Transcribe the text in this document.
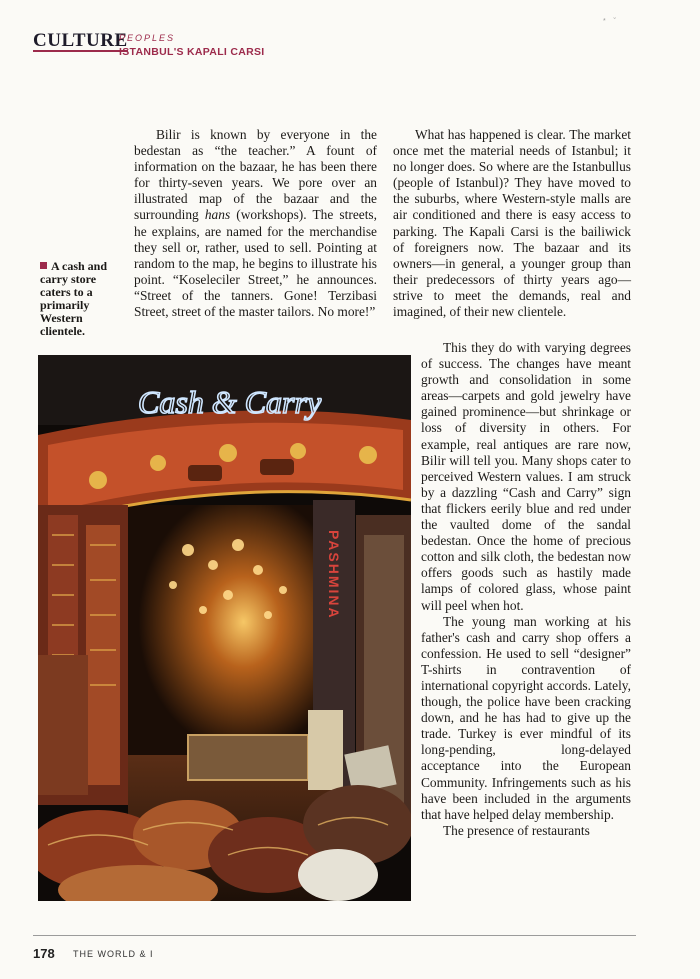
CULTURE
PEOPLES
ISTANBUL'S KAPALI CARSI
* ˘
A cash and carry store caters to a primarily Western clientele.

Bilir is known by everyone in the bedestan as “the teacher.” A fount of information on the bazaar, he has been there for thirty-seven years. We pore over an illustrated map of the bazaar and the surrounding hans (workshops). The streets, he explains, are named for the merchandise they sell or, rather, used to sell. Pointing at random to the map, he begins to illustrate his point. “Koseleciler Street,” he announces. “Street of the tanners. Gone! Terzibasi Street, street of the master tailors. No more!”

What has happened is clear. The market once met the material needs of Istanbul; it no longer does. So where are the Istanbullus (people of Istanbul)? They have moved to the suburbs, where Western-style malls are air conditioned and there is easy access to parking. The Kapali Carsi is the bailiwick of foreigners now. The bazaar and its owners—in general, a younger group than their predecessors of thirty years ago—strive to meet the demands, real and imagined, of their new clientele.

This they do with varying degrees of success. The changes have meant growth and consolidation in some areas—carpets and gold jewelry have gained prominence—but shrinkage or loss of diversity in others. For example, real antiques are rare now, Bilir will tell you. Many shops cater to perceived Western values. I am struck by a dazzling “Cash and Carry” sign that flickers eerily blue and red under the vaulted dome of the sandal bedestan. Once the home of precious cotton and silk cloth, the bedestan now offers goods such as hastily made lamps of colored glass, whose paint will peel when hot.

The young man working at his father's cash and carry shop offers a confession. He used to sell “designer” T-shirts in contravention of international copyright accords. Lately, though, the police have been cracking down, and he has had to give up the trade. Turkey is ever mindful of its long-pending, long-delayed acceptance into the European Community. Infringements such as his have been included in the arguments that have helped delay membership.

The presence of restaurants

Cash & Carry
PASHMINA
178 THE WORLD & I
